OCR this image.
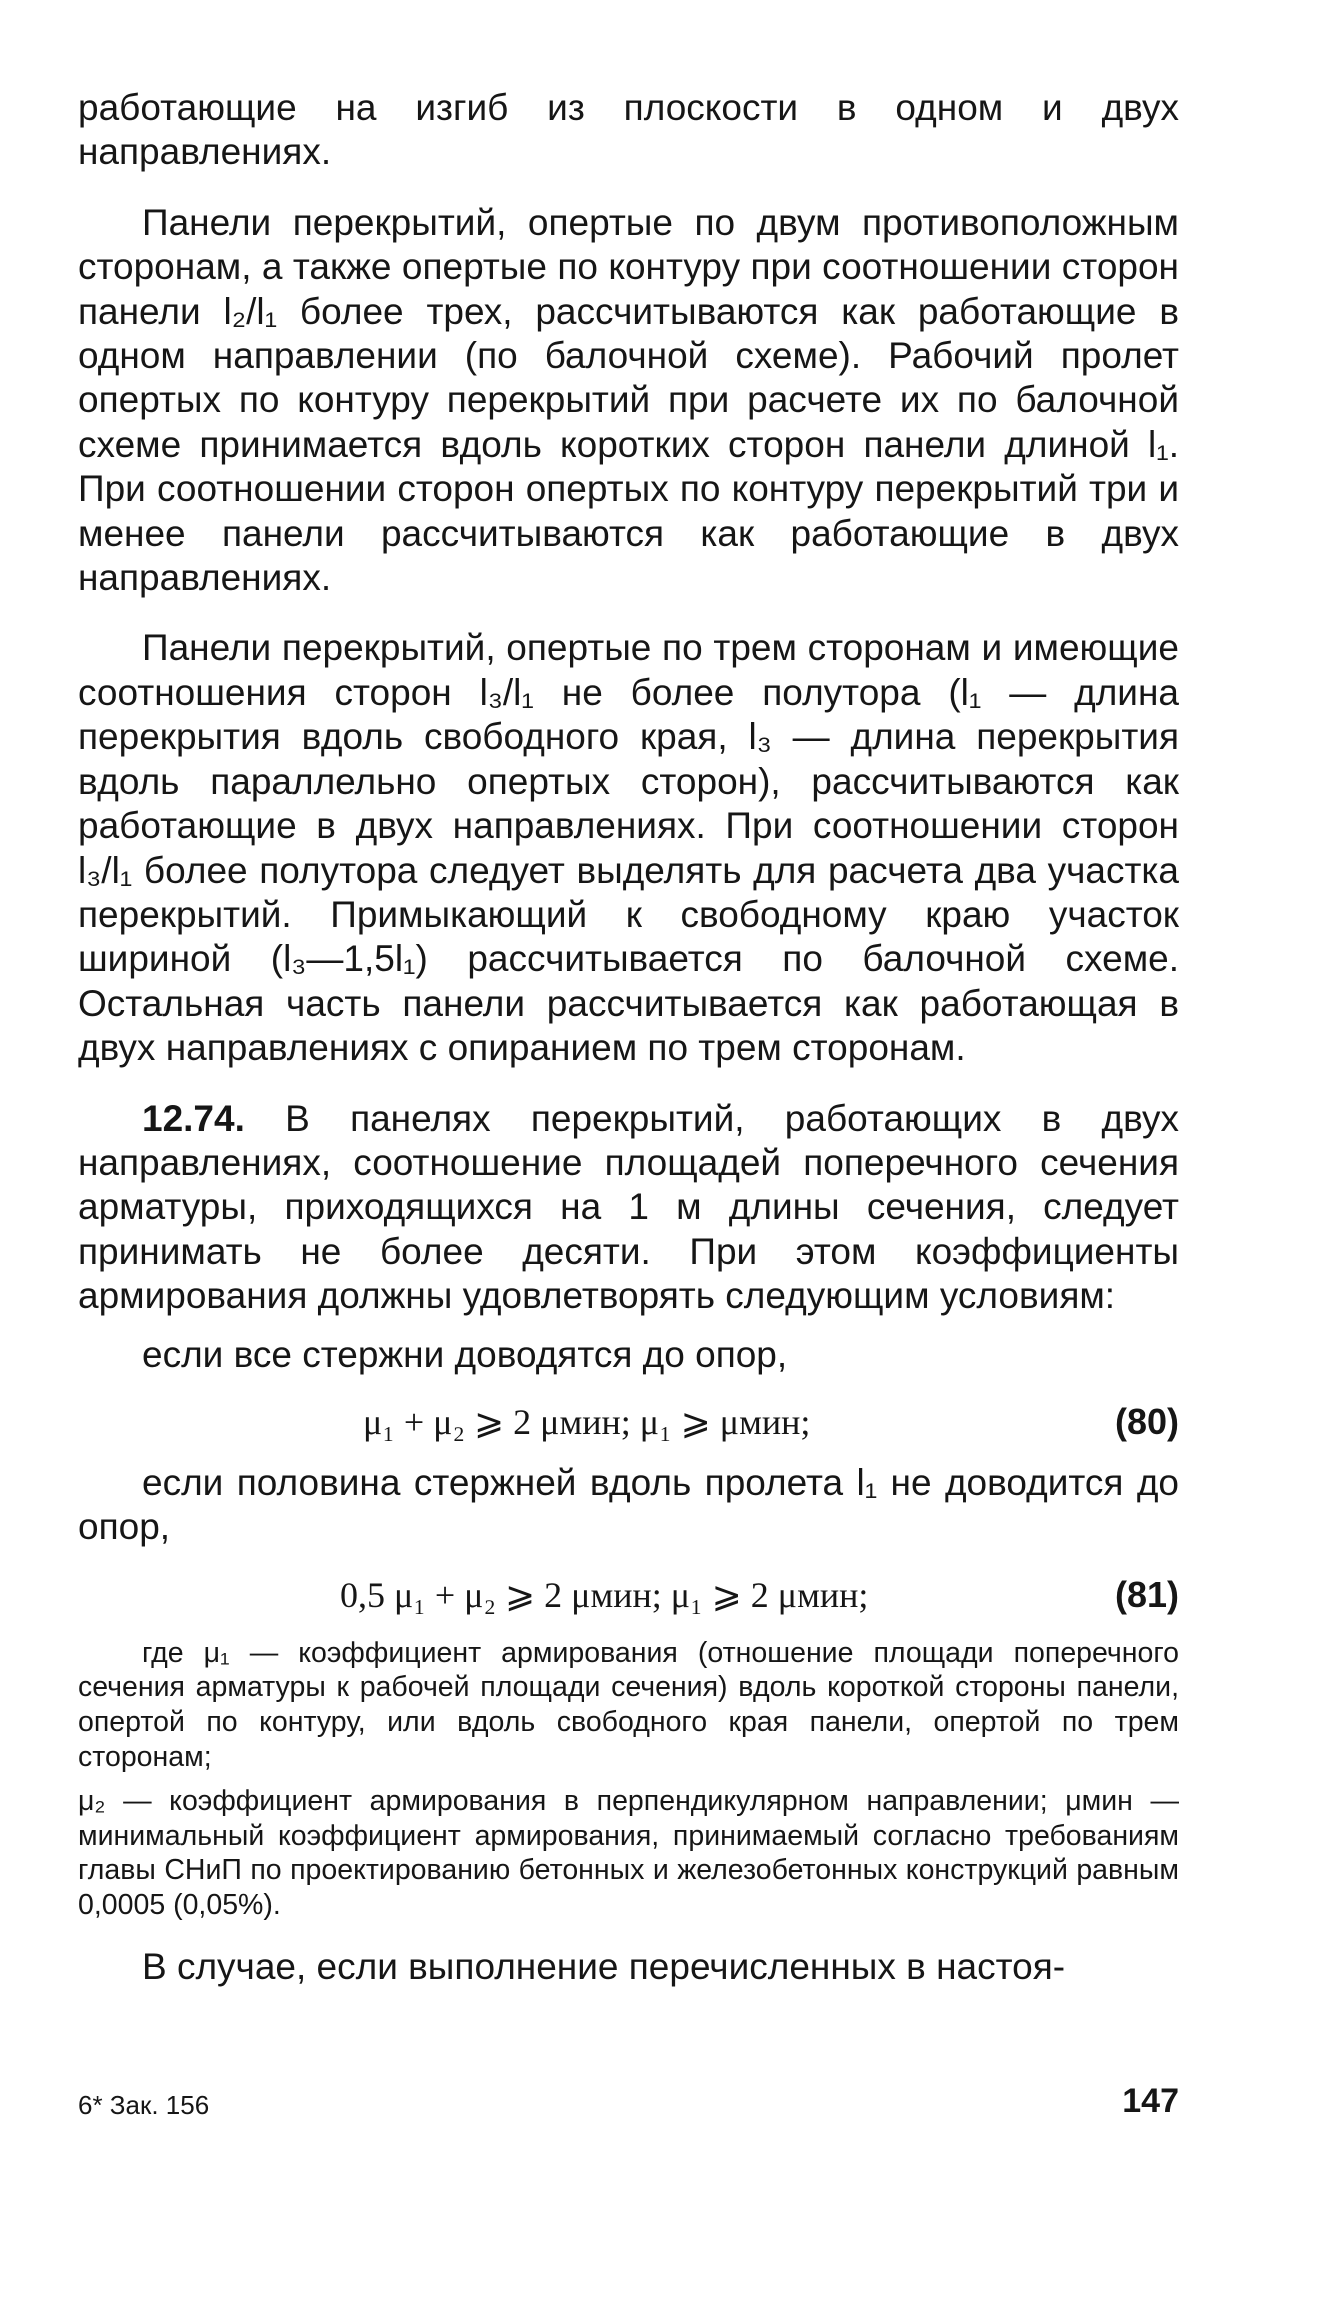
работающие на изгиб из плоскости в одном и двух направлениях.

Панели перекрытий, опертые по двум противоположным сторонам, а также опертые по контуру при соотношении сторон панели l₂/l₁ более трех, рассчитываются как работающие в одном направлении (по балочной схеме). Рабочий пролет опертых по контуру перекрытий при расчете их по балочной схеме принимается вдоль коротких сторон панели длиной l₁. При соотношении сторон опертых по контуру перекрытий три и менее панели рассчитываются как работающие в двух направлениях.

Панели перекрытий, опертые по трем сторонам и имеющие соотношения сторон l₃/l₁ не более полутора (l₁ — длина перекрытия вдоль свободного края, l₃ — длина перекрытия вдоль параллельно опертых сторон), рассчитываются как работающие в двух направлениях. При соотношении сторон l₃/l₁ более полутора следует выделять для расчета два участка перекрытий. Примыкающий к свободному краю участок шириной (l₃—1,5l₁) рассчитывается по балочной схеме. Остальная часть панели рассчитывается как работающая в двух направлениях с опиранием по трем сторонам.

12.74. В панелях перекрытий, работающих в двух направлениях, соотношение площадей поперечного сечения арматуры, приходящихся на 1 м длины сечения, следует принимать не более десяти. При этом коэффициенты армирования должны удовлетворять следующим условиям:

если все стержни доводятся до опор,

μ₁ + μ₂ ⩾ 2 μмин; μ₁ ⩾ μмин;	(80)

если половина стержней вдоль пролета l₁ не доводится до опор,

0,5 μ₁ + μ₂ ⩾ 2 μмин; μ₁ ⩾ 2 μмин;	(81)

где μ₁ — коэффициент армирования (отношение площади поперечного сечения арматуры к рабочей площади сечения) вдоль короткой стороны панели, опертой по контуру, или вдоль свободного края панели, опертой по трем сторонам;

μ₂ — коэффициент армирования в перпендикулярном направлении; μмин — минимальный коэффициент армирования, принимаемый согласно требованиям главы СНиП по проектированию бетонных и железобетонных конструкций равным 0,0005 (0,05%).

В случае, если выполнение перечисленных в настоя-

6* Зак. 156	147
